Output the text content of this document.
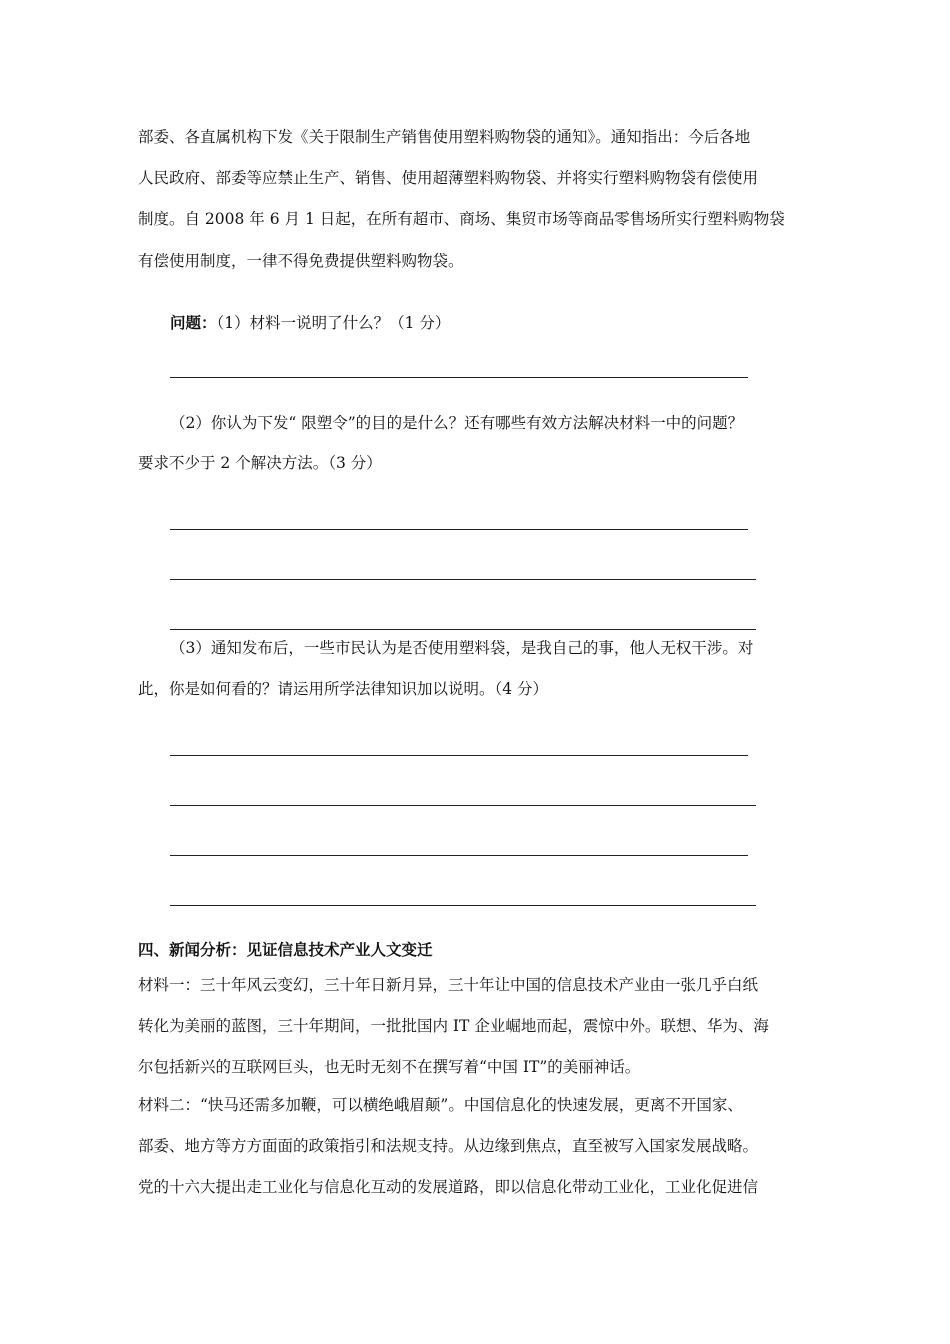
部委、各直属机构下发《关于限制生产销售使用塑料购物袋的通知》。通知指出：今后各地
人民政府、部委等应禁止生产、销售、使用超薄塑料购物袋、并将实行塑料购物袋有偿使用
制度。自 2008 年 6 月 1 日起，在所有超市、商场、集贸市场等商品零售场所实行塑料购物袋
有偿使用制度，一律不得免费提供塑料购物袋。
问题：（1）材料一说明了什么？（1 分）
（2）你认为下发“ 限塑令”的目的是什么？还有哪些有效方法解决材料一中的问题？
要求不少于 2 个解决方法。（3 分）
（3）通知发布后，一些市民认为是否使用塑料袋，是我自己的事，他人无权干涉。对
此，你是如何看的？请运用所学法律知识加以说明。（4 分）
四、新闻分析：见证信息技术产业人文变迁
材料一：三十年风云变幻，三十年日新月异，三十年让中国的信息技术产业由一张几乎白纸
转化为美丽的蓝图，三十年期间，一批批国内 IT 企业崛地而起，震惊中外。联想、华为、海
尔包括新兴的互联网巨头，也无时无刻不在撰写着“中国 IT”的美丽神话。
材料二：“快马还需多加鞭，可以横绝峨眉颠”。中国信息化的快速发展，更离不开国家、
部委、地方等方方面面的政策指引和法规支持。从边缘到焦点，直至被写入国家发展战略。
党的十六大提出走工业化与信息化互动的发展道路，即以信息化带动工业化，工业化促进信
